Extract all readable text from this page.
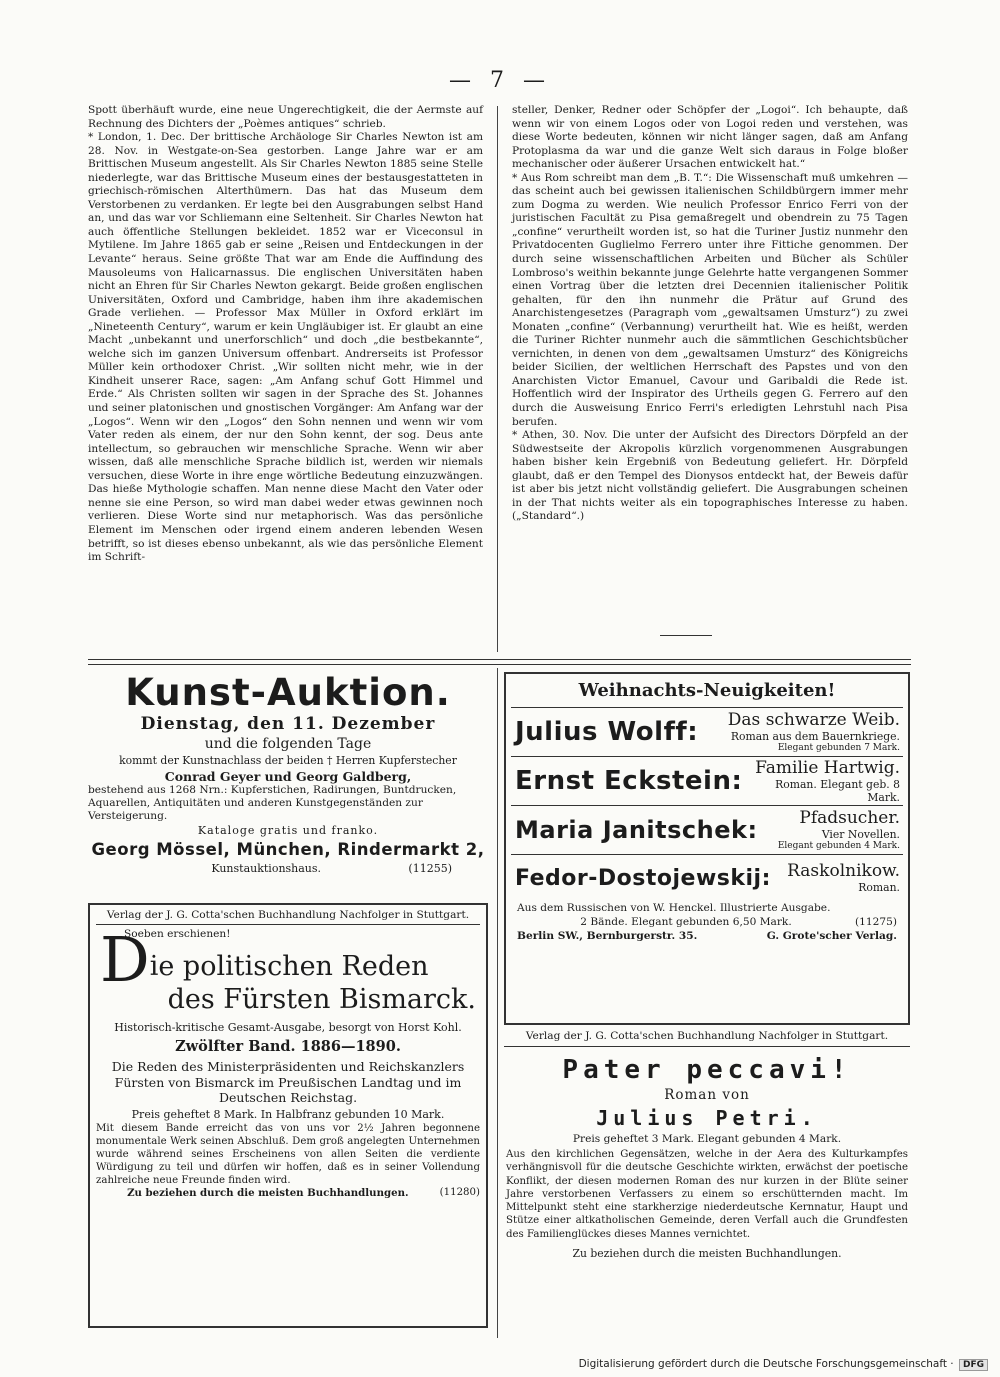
— 7 —

Spott überhäuft wurde, eine neue Ungerechtigkeit, die der Aermste auf Rechnung des Dichters der „Poèmes antiques“ schrieb.

* London, 1. Dec. Der brittische Archäologe Sir Charles Newton ist am 28. Nov. in Westgate-on-Sea gestorben. Lange Jahre war er am Brittischen Museum angestellt. Als Sir Charles Newton 1885 seine Stelle niederlegte, war das Brittische Museum eines der bestausgestatteten in griechisch-römischen Alterthümern. Das hat das Museum dem Verstorbenen zu verdanken. Er legte bei den Ausgrabungen selbst Hand an, und das war vor Schliemann eine Seltenheit. Sir Charles Newton hat auch öffentliche Stellungen bekleidet. 1852 war er Viceconsul in Mytilene. Im Jahre 1865 gab er seine „Reisen und Entdeckungen in der Levante“ heraus. Seine größte That war am Ende die Auffindung des Mausoleums von Halicarnassus. Die englischen Universitäten haben nicht an Ehren für Sir Charles Newton gekargt. Beide großen englischen Universitäten, Oxford und Cambridge, haben ihm ihre akademischen Grade verliehen. — Professor Max Müller in Oxford erklärt im „Nineteenth Century“, warum er kein Ungläubiger ist. Er glaubt an eine Macht „unbekannt und unerforschlich“ und doch „die bestbekannte“, welche sich im ganzen Universum offenbart. Andrerseits ist Professor Müller kein orthodoxer Christ. „Wir sollten nicht mehr, wie in der Kindheit unserer Race, sagen: „Am Anfang schuf Gott Himmel und Erde.“ Als Christen sollten wir sagen in der Sprache des St. Johannes und seiner platonischen und gnostischen Vorgänger: Am Anfang war der „Logos“. Wenn wir den „Logos“ den Sohn nennen und wenn wir vom Vater reden als einem, der nur den Sohn kennt, der sog. Deus ante intellectum, so gebrauchen wir menschliche Sprache. Wenn wir aber wissen, daß alle menschliche Sprache bildlich ist, werden wir niemals versuchen, diese Worte in ihre enge wörtliche Bedeutung einzuzwängen. Das hieße Mythologie schaffen. Man nenne diese Macht den Vater oder nenne sie eine Person, so wird man dabei weder etwas gewinnen noch verlieren. Diese Worte sind nur metaphorisch. Was das persönliche Element im Menschen oder irgend einem anderen lebenden Wesen betrifft, so ist dieses ebenso unbekannt, als wie das persönliche Element im Schrift-

steller, Denker, Redner oder Schöpfer der „Logoi“. Ich behaupte, daß wenn wir von einem Logos oder von Logoi reden und verstehen, was diese Worte bedeuten, können wir nicht länger sagen, daß am Anfang Protoplasma da war und die ganze Welt sich daraus in Folge bloßer mechanischer oder äußerer Ursachen entwickelt hat.“

* Aus Rom schreibt man dem „B. T.“: Die Wissenschaft muß umkehren — das scheint auch bei gewissen italienischen Schildbürgern immer mehr zum Dogma zu werden. Wie neulich Professor Enrico Ferri von der juristischen Facultät zu Pisa gemaßregelt und obendrein zu 75 Tagen „confine“ verurtheilt worden ist, so hat die Turiner Justiz nunmehr den Privatdocenten Guglielmo Ferrero unter ihre Fittiche genommen. Der durch seine wissenschaftlichen Arbeiten und Bücher als Schüler Lombroso's weithin bekannte junge Gelehrte hatte vergangenen Sommer einen Vortrag über die letzten drei Decennien italienischer Politik gehalten, für den ihn nunmehr die Prätur auf Grund des Anarchistengesetzes (Paragraph vom „gewaltsamen Umsturz“) zu zwei Monaten „confine“ (Verbannung) verurtheilt hat. Wie es heißt, werden die Turiner Richter nunmehr auch die sämmtlichen Geschichtsbücher vernichten, in denen von dem „gewaltsamen Umsturz“ des Königreichs beider Sicilien, der weltlichen Herrschaft des Papstes und von den Anarchisten Victor Emanuel, Cavour und Garibaldi die Rede ist. Hoffentlich wird der Inspirator des Urtheils gegen G. Ferrero auf den durch die Ausweisung Enrico Ferri's erledigten Lehrstuhl nach Pisa berufen.

* Athen, 30. Nov. Die unter der Aufsicht des Directors Dörpfeld an der Südwestseite der Akropolis kürzlich vorgenommenen Ausgrabungen haben bisher kein Ergebniß von Bedeutung geliefert. Hr. Dörpfeld glaubt, daß er den Tempel des Dionysos entdeckt hat, der Beweis dafür ist aber bis jetzt nicht vollständig geliefert. Die Ausgrabungen scheinen in der That nichts weiter als ein topographisches Interesse zu haben. („Standard“.)

Kunst-Auktion.
Dienstag, den 11. Dezember
und die folgenden Tage
kommt der Kunstnachlass der beiden † Herren Kupferstecher
Conrad Geyer und Georg Galdberg,
bestehend aus 1268 Nrn.: Kupferstichen, Radirungen, Buntdrucken, Aquarellen, Antiquitäten und anderen Kunstgegenständen zur Versteigerung.
Kataloge gratis und franko.
Georg Mössel, München, Rindermarkt 2,
Kunstauktionshaus.	(11255)
Verlag der J. G. Cotta'schen Buchhandlung Nachfolger in Stuttgart.
Soeben erschienen!
Die politischen Reden
des Fürsten Bismarck.
Historisch-kritische Gesamt-Ausgabe, besorgt von Horst Kohl.
Zwölfter Band. 1886—1890.
Die Reden des Ministerpräsidenten und Reichskanzlers Fürsten von Bismarck im Preußischen Landtag und im Deutschen Reichstag.
Preis geheftet 8 Mark. In Halbfranz gebunden 10 Mark.
Mit diesem Bande erreicht das von uns vor 2½ Jahren begonnene monumentale Werk seinen Abschluß. Dem groß angelegten Unternehmen wurde während seines Erscheinens von allen Seiten die verdiente Würdigung zu teil und dürfen wir hoffen, daß es in seiner Vollendung zahlreiche neue Freunde finden wird.
Zu beziehen durch die meisten Buchhandlungen.	(11280)
Weihnachts-Neuigkeiten!
Julius Wolff:	Das schwarze Weib.
Roman aus dem Bauernkriege.
Elegant gebunden 7 Mark.
Ernst Eckstein: Familie Hartwig.
Roman. Elegant geb. 8 Mark.
Maria Janitschek:	Pfadsucher.
Vier Novellen.
Elegant gebunden 4 Mark.
Fedor-Dostojewskij: Raskolnikow.
Roman.
Aus dem Russischen von W. Henckel. Illustrierte Ausgabe.
2 Bände. Elegant gebunden 6,50 Mark.	(11275)
Berlin SW., Bernburgerstr. 35.	G. Grote'scher Verlag.
Verlag der J. G. Cotta'schen Buchhandlung Nachfolger in Stuttgart.
Pater peccavi!
Roman von
Julius Petri.
Preis geheftet 3 Mark. Elegant gebunden 4 Mark.
Aus den kirchlichen Gegensätzen, welche in der Aera des Kulturkampfes verhängnisvoll für die deutsche Geschichte wirkten, erwächst der poetische Konflikt, der diesen modernen Roman des nur kurzen in der Blüte seiner Jahre verstorbenen Verfassers zu einem so erschütternden macht. Im Mittelpunkt steht eine starkherzige niederdeutsche Kernnatur, Haupt und Stütze einer altkatholischen Gemeinde, deren Verfall auch die Grundfesten des Familienglückes dieses Mannes vernichtet.
Zu beziehen durch die meisten Buchhandlungen.
Digitalisierung gefördert durch die Deutsche Forschungsgemeinschaft · DFG
